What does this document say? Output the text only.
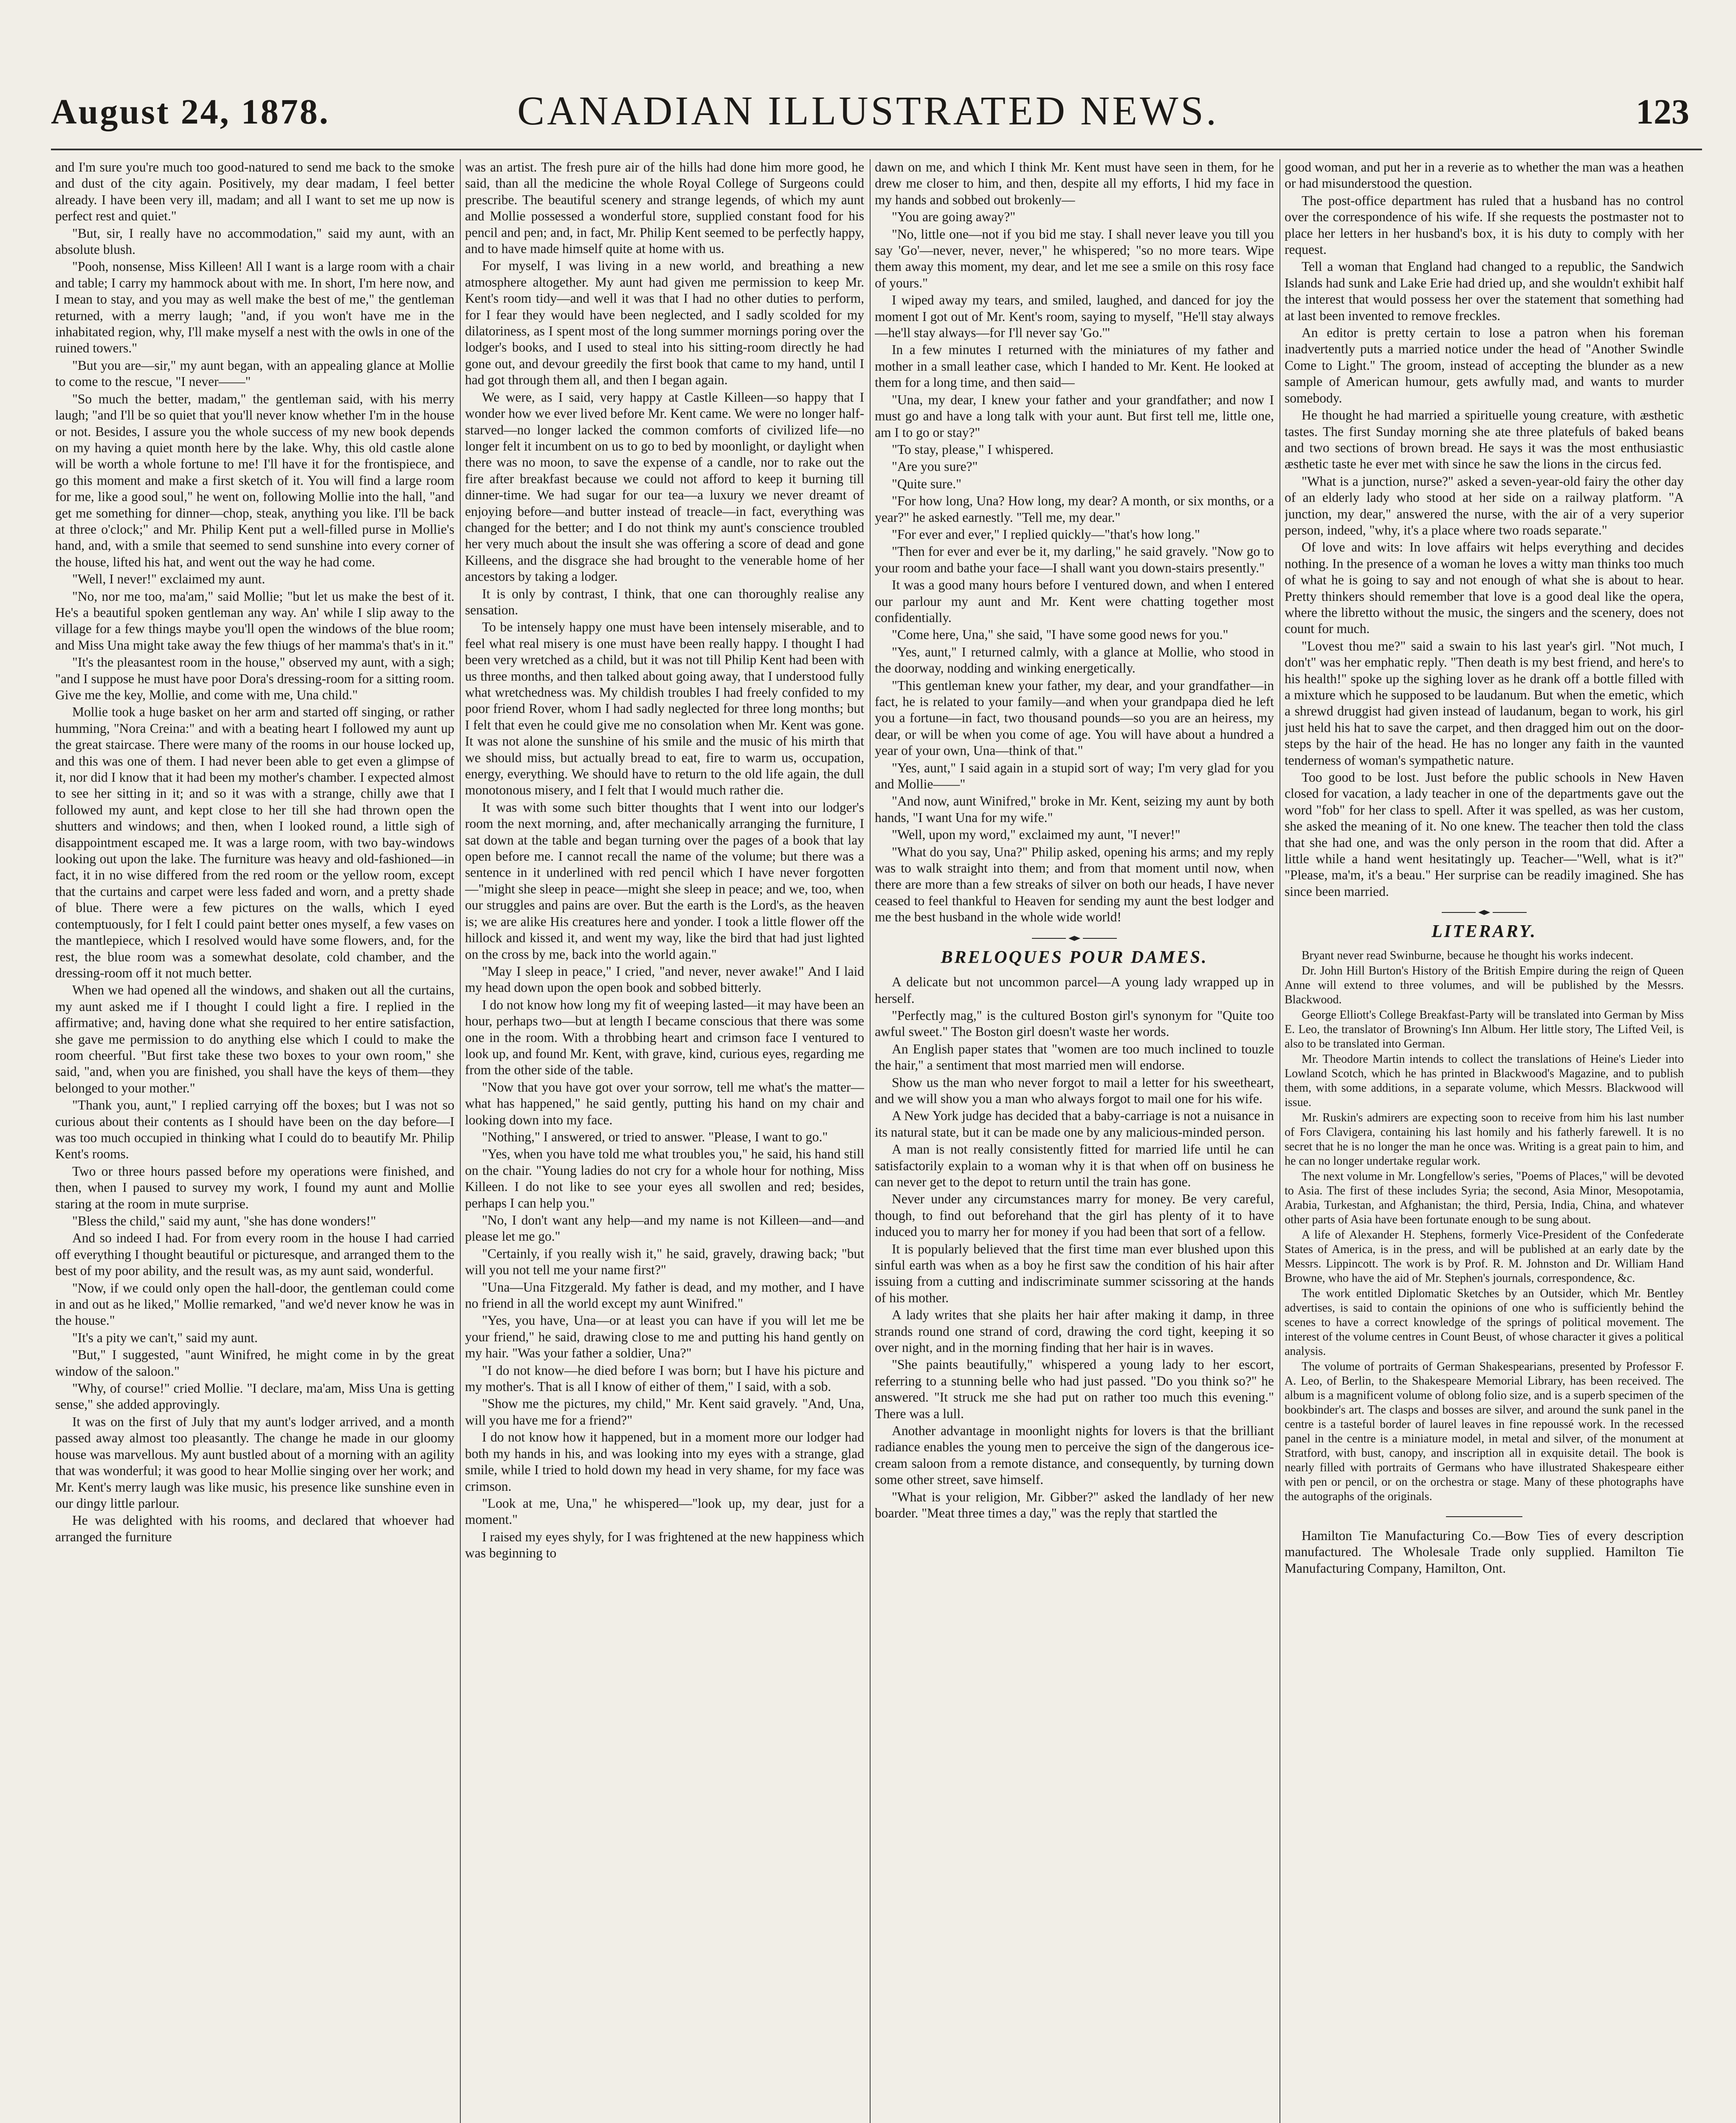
August 24, 1878.	CANADIAN ILLUSTRATED NEWS.	123

and I'm sure you're much too good-natured to send me back to the smoke and dust of the city again. Positively, my dear madam, I feel better already. I have been very ill, madam; and all I want to set me up now is perfect rest and quiet."

"But, sir, I really have no accommodation," said my aunt, with an absolute blush.

"Pooh, nonsense, Miss Killeen! All I want is a large room with a chair and table; I carry my hammock about with me. In short, I'm here now, and I mean to stay, and you may as well make the best of me," the gentleman returned, with a merry laugh; "and, if you won't have me in the inhabitated region, why, I'll make myself a nest with the owls in one of the ruined towers."

"But you are—sir," my aunt began, with an appealing glance at Mollie to come to the rescue, "I never——"

"So much the better, madam," the gentleman said, with his merry laugh; "and I'll be so quiet that you'll never know whether I'm in the house or not. Besides, I assure you the whole success of my new book depends on my having a quiet month here by the lake. Why, this old castle alone will be worth a whole fortune to me! I'll have it for the frontispiece, and go this moment and make a first sketch of it. You will find a large room for me, like a good soul," he went on, following Mollie into the hall, "and get me something for dinner—chop, steak, anything you like. I'll be back at three o'clock;" and Mr. Philip Kent put a well-filled purse in Mollie's hand, and, with a smile that seemed to send sunshine into every corner of the house, lifted his hat, and went out the way he had come.

"Well, I never!" exclaimed my aunt.

"No, nor me too, ma'am," said Mollie; "but let us make the best of it. He's a beautiful spoken gentleman any way. An' while I slip away to the village for a few things maybe you'll open the windows of the blue room; and Miss Una might take away the few thiugs of her mamma's that's in it."

"It's the pleasantest room in the house," observed my aunt, with a sigh; "and I suppose he must have poor Dora's dressing-room for a sitting room. Give me the key, Mollie, and come with me, Una child."

Mollie took a huge basket on her arm and started off singing, or rather humming, "Nora Creina:" and with a beating heart I followed my aunt up the great staircase. There were many of the rooms in our house locked up, and this was one of them. I had never been able to get even a glimpse of it, nor did I know that it had been my mother's chamber. I expected almost to see her sitting in it; and so it was with a strange, chilly awe that I followed my aunt, and kept close to her till she had thrown open the shutters and windows; and then, when I looked round, a little sigh of disappointment escaped me. It was a large room, with two bay-windows looking out upon the lake. The furniture was heavy and old-fashioned—in fact, it in no wise differed from the red room or the yellow room, except that the curtains and carpet were less faded and worn, and a pretty shade of blue. There were a few pictures on the walls, which I eyed contemptuously, for I felt I could paint better ones myself, a few vases on the mantlepiece, which I resolved would have some flowers, and, for the rest, the blue room was a somewhat desolate, cold chamber, and the dressing-room off it not much better.

When we had opened all the windows, and shaken out all the curtains, my aunt asked me if I thought I could light a fire. I replied in the affirmative; and, having done what she required to her entire satisfaction, she gave me permission to do anything else which I could to make the room cheerful. "But first take these two boxes to your own room," she said, "and, when you are finished, you shall have the keys of them—they belonged to your mother."

"Thank you, aunt," I replied carrying off the boxes; but I was not so curious about their contents as I should have been on the day before—I was too much occupied in thinking what I could do to beautify Mr. Philip Kent's rooms.

Two or three hours passed before my operations were finished, and then, when I paused to survey my work, I found my aunt and Mollie staring at the room in mute surprise.

"Bless the child," said my aunt, "she has done wonders!"

And so indeed I had. For from every room in the house I had carried off everything I thought beautiful or picturesque, and arranged them to the best of my poor ability, and the result was, as my aunt said, wonderful.

"Now, if we could only open the hall-door, the gentleman could come in and out as he liked," Mollie remarked, "and we'd never know he was in the house."

"It's a pity we can't," said my aunt.

"But," I suggested, "aunt Winifred, he might come in by the great window of the saloon."

"Why, of course!" cried Mollie. "I declare, ma'am, Miss Una is getting sense," she added approvingly.

It was on the first of July that my aunt's lodger arrived, and a month passed away almost too pleasantly. The change he made in our gloomy house was marvellous. My aunt bustled about of a morning with an agility that was wonderful; it was good to hear Mollie singing over her work; and Mr. Kent's merry laugh was like music, his presence like sunshine even in our dingy little parlour.

He was delighted with his rooms, and declared that whoever had arranged the furniture

was an artist. The fresh pure air of the hills had done him more good, he said, than all the medicine the whole Royal College of Surgeons could prescribe. The beautiful scenery and strange legends, of which my aunt and Mollie possessed a wonderful store, supplied constant food for his pencil and pen; and, in fact, Mr. Philip Kent seemed to be perfectly happy, and to have made himself quite at home with us.

For myself, I was living in a new world, and breathing a new atmosphere altogether. My aunt had given me permission to keep Mr. Kent's room tidy—and well it was that I had no other duties to perform, for I fear they would have been neglected, and I sadly scolded for my dilatoriness, as I spent most of the long summer mornings poring over the lodger's books, and I used to steal into his sitting-room directly he had gone out, and devour greedily the first book that came to my hand, until I had got through them all, and then I began again.

We were, as I said, very happy at Castle Killeen—so happy that I wonder how we ever lived before Mr. Kent came. We were no longer half-starved—no longer lacked the common comforts of civilized life—no longer felt it incumbent on us to go to bed by moonlight, or daylight when there was no moon, to save the expense of a candle, nor to rake out the fire after breakfast because we could not afford to keep it burning till dinner-time. We had sugar for our tea—a luxury we never dreamt of enjoying before—and butter instead of treacle—in fact, everything was changed for the better; and I do not think my aunt's conscience troubled her very much about the insult she was offering a score of dead and gone Killeens, and the disgrace she had brought to the venerable home of her ancestors by taking a lodger.

It is only by contrast, I think, that one can thoroughly realise any sensation.

To be intensely happy one must have been intensely miserable, and to feel what real misery is one must have been really happy. I thought I had been very wretched as a child, but it was not till Philip Kent had been with us three months, and then talked about going away, that I understood fully what wretchedness was. My childish troubles I had freely confided to my poor friend Rover, whom I had sadly neglected for three long months; but I felt that even he could give me no consolation when Mr. Kent was gone. It was not alone the sunshine of his smile and the music of his mirth that we should miss, but actually bread to eat, fire to warm us, occupation, energy, everything. We should have to return to the old life again, the dull monotonous misery, and I felt that I would much rather die.

It was with some such bitter thoughts that I went into our lodger's room the next morning, and, after mechanically arranging the furniture, I sat down at the table and began turning over the pages of a book that lay open before me. I cannot recall the name of the volume; but there was a sentence in it underlined with red pencil which I have never forgotten—"might she sleep in peace—might she sleep in peace; and we, too, when our struggles and pains are over. But the earth is the Lord's, as the heaven is; we are alike His creatures here and yonder. I took a little flower off the hillock and kissed it, and went my way, like the bird that had just lighted on the cross by me, back into the world again."

"May I sleep in peace," I cried, "and never, never awake!" And I laid my head down upon the open book and sobbed bitterly.

I do not know how long my fit of weeping lasted—it may have been an hour, perhaps two—but at length I became conscious that there was some one in the room. With a throbbing heart and crimson face I ventured to look up, and found Mr. Kent, with grave, kind, curious eyes, regarding me from the other side of the table.

"Now that you have got over your sorrow, tell me what's the matter—what has happened," he said gently, putting his hand on my chair and looking down into my face.

"Nothing," I answered, or tried to answer. "Please, I want to go."

"Yes, when you have told me what troubles you," he said, his hand still on the chair. "Young ladies do not cry for a whole hour for nothing, Miss Killeen. I do not like to see your eyes all swollen and red; besides, perhaps I can help you."

"No, I don't want any help—and my name is not Killeen—and—and please let me go."

"Certainly, if you really wish it," he said, gravely, drawing back; "but will you not tell me your name first?"

"Una—Una Fitzgerald. My father is dead, and my mother, and I have no friend in all the world except my aunt Winifred."

"Yes, you have, Una—or at least you can have if you will let me be your friend," he said, drawing close to me and putting his hand gently on my hair. "Was your father a soldier, Una?"

"I do not know—he died before I was born; but I have his picture and my mother's. That is all I know of either of them," I said, with a sob.

"Show me the pictures, my child," Mr. Kent said gravely. "And, Una, will you have me for a friend?"

I do not know how it happened, but in a moment more our lodger had both my hands in his, and was looking into my eyes with a strange, glad smile, while I tried to hold down my head in very shame, for my face was crimson.

"Look at me, Una," he whispered—"look up, my dear, just for a moment."

I raised my eyes shyly, for I was frightened at the new happiness which was beginning to

dawn on me, and which I think Mr. Kent must have seen in them, for he drew me closer to him, and then, despite all my efforts, I hid my face in my hands and sobbed out brokenly—

"You are going away?"

"No, little one—not if you bid me stay. I shall never leave you till you say 'Go'—never, never, never," he whispered; "so no more tears. Wipe them away this moment, my dear, and let me see a smile on this rosy face of yours."

I wiped away my tears, and smiled, laughed, and danced for joy the moment I got out of Mr. Kent's room, saying to myself, "He'll stay always—he'll stay always—for I'll never say 'Go.'"

In a few minutes I returned with the miniatures of my father and mother in a small leather case, which I handed to Mr. Kent. He looked at them for a long time, and then said—

"Una, my dear, I knew your father and your grandfather; and now I must go and have a long talk with your aunt. But first tell me, little one, am I to go or stay?"

"To stay, please," I whispered.

"Are you sure?"

"Quite sure."

"For how long, Una? How long, my dear? A month, or six months, or a year?" he asked earnestly. "Tell me, my dear."

"For ever and ever," I replied quickly—"that's how long."

"Then for ever and ever be it, my darling," he said gravely. "Now go to your room and bathe your face—I shall want you down-stairs presently."

It was a good many hours before I ventured down, and when I entered our parlour my aunt and Mr. Kent were chatting together most confidentially.

"Come here, Una," she said, "I have some good news for you."

"Yes, aunt," I returned calmly, with a glance at Mollie, who stood in the doorway, nodding and winking energetically.

"This gentleman knew your father, my dear, and your grandfather—in fact, he is related to your family—and when your grandpapa died he left you a fortune—in fact, two thousand pounds—so you are an heiress, my dear, or will be when you come of age. You will have about a hundred a year of your own, Una—think of that."

"Yes, aunt," I said again in a stupid sort of way; I'm very glad for you and Mollie——"

"And now, aunt Winifred," broke in Mr. Kent, seizing my aunt by both hands, "I want Una for my wife."

"Well, upon my word," exclaimed my aunt, "I never!"

"What do you say, Una?" Philip asked, opening his arms; and my reply was to walk straight into them; and from that moment until now, when there are more than a few streaks of silver on both our heads, I have never ceased to feel thankful to Heaven for sending my aunt the best lodger and me the best husband in the whole wide world!

BRELOQUES POUR DAMES.

A delicate but not uncommon parcel—A young lady wrapped up in herself.

"Perfectly mag," is the cultured Boston girl's synonym for "Quite too awful sweet." The Boston girl doesn't waste her words.

An English paper states that "women are too much inclined to touzle the hair," a sentiment that most married men will endorse.

Show us the man who never forgot to mail a letter for his sweetheart, and we will show you a man who always forgot to mail one for his wife.

A New York judge has decided that a baby-carriage is not a nuisance in its natural state, but it can be made one by any malicious-minded person.

A man is not really consistently fitted for married life until he can satisfactorily explain to a woman why it is that when off on business he can never get to the depot to return until the train has gone.

Never under any circumstances marry for money. Be very careful, though, to find out beforehand that the girl has plenty of it to have induced you to marry her for money if you had been that sort of a fellow.

It is popularly believed that the first time man ever blushed upon this sinful earth was when as a boy he first saw the condition of his hair after issuing from a cutting and indiscriminate summer scissoring at the hands of his mother.

A lady writes that she plaits her hair after making it damp, in three strands round one strand of cord, drawing the cord tight, keeping it so over night, and in the morning finding that her hair is in waves.

"She paints beautifully," whispered a young lady to her escort, referring to a stunning belle who had just passed. "Do you think so?" he answered. "It struck me she had put on rather too much this evening." There was a lull.

Another advantage in moonlight nights for lovers is that the brilliant radiance enables the young men to perceive the sign of the dangerous ice-cream saloon from a remote distance, and consequently, by turning down some other street, save himself.

"What is your religion, Mr. Gibber?" asked the landlady of her new boarder. "Meat three times a day," was the reply that startled the

good woman, and put her in a reverie as to whether the man was a heathen or had misunderstood the question.

The post-office department has ruled that a husband has no control over the correspondence of his wife. If she requests the postmaster not to place her letters in her husband's box, it is his duty to comply with her request.

Tell a woman that England had changed to a republic, the Sandwich Islands had sunk and Lake Erie had dried up, and she wouldn't exhibit half the interest that would possess her over the statement that something had at last been invented to remove freckles.

An editor is pretty certain to lose a patron when his foreman inadvertently puts a married notice under the head of "Another Swindle Come to Light." The groom, instead of accepting the blunder as a new sample of American humour, gets awfully mad, and wants to murder somebody.

He thought he had married a spirituelle young creature, with æsthetic tastes. The first Sunday morning she ate three platefuls of baked beans and two sections of brown bread. He says it was the most enthusiastic æsthetic taste he ever met with since he saw the lions in the circus fed.

"What is a junction, nurse?" asked a seven-year-old fairy the other day of an elderly lady who stood at her side on a railway platform. "A junction, my dear," answered the nurse, with the air of a very superior person, indeed, "why, it's a place where two roads separate."

Of love and wits: In love affairs wit helps everything and decides nothing. In the presence of a woman he loves a witty man thinks too much of what he is going to say and not enough of what she is about to hear. Pretty thinkers should remember that love is a good deal like the opera, where the libretto without the music, the singers and the scenery, does not count for much.

"Lovest thou me?" said a swain to his last year's girl. "Not much, I don't" was her emphatic reply. "Then death is my best friend, and here's to his health!" spoke up the sighing lover as he drank off a bottle filled with a mixture which he supposed to be laudanum. But when the emetic, which a shrewd druggist had given instead of laudanum, began to work, his girl just held his hat to save the carpet, and then dragged him out on the door-steps by the hair of the head. He has no longer any faith in the vaunted tenderness of woman's sympathetic nature.

Too good to be lost. Just before the public schools in New Haven closed for vacation, a lady teacher in one of the departments gave out the word "fob" for her class to spell. After it was spelled, as was her custom, she asked the meaning of it. No one knew. The teacher then told the class that she had one, and was the only person in the room that did. After a little while a hand went hesitatingly up. Teacher—"Well, what is it?" "Please, ma'm, it's a beau." Her surprise can be readily imagined. She has since been married.

LITERARY.

Bryant never read Swinburne, because he thought his works indecent.

Dr. John Hill Burton's History of the British Empire during the reign of Queen Anne will extend to three volumes, and will be published by the Messrs. Blackwood.

George Elliott's College Breakfast-Party will be translated into German by Miss E. Leo, the translator of Browning's Inn Album. Her little story, The Lifted Veil, is also to be translated into German.

Mr. Theodore Martin intends to collect the translations of Heine's Lieder into Lowland Scotch, which he has printed in Blackwood's Magazine, and to publish them, with some additions, in a separate volume, which Messrs. Blackwood will issue.

Mr. Ruskin's admirers are expecting soon to receive from him his last number of Fors Clavigera, containing his last homily and his fatherly farewell. It is no secret that he is no longer the man he once was. Writing is a great pain to him, and he can no longer undertake regular work.

The next volume in Mr. Longfellow's series, "Poems of Places," will be devoted to Asia. The first of these includes Syria; the second, Asia Minor, Mesopotamia, Arabia, Turkestan, and Afghanistan; the third, Persia, India, China, and whatever other parts of Asia have been fortunate enough to be sung about.

A life of Alexander H. Stephens, formerly Vice-President of the Confederate States of America, is in the press, and will be published at an early date by the Messrs. Lippincott. The work is by Prof. R. M. Johnston and Dr. William Hand Browne, who have the aid of Mr. Stephen's journals, correspondence, &c.

The work entitled Diplomatic Sketches by an Outsider, which Mr. Bentley advertises, is said to contain the opinions of one who is sufficiently behind the scenes to have a correct knowledge of the springs of political movement. The interest of the volume centres in Count Beust, of whose character it gives a political analysis.

The volume of portraits of German Shakespearians, presented by Professor F. A. Leo, of Berlin, to the Shakespeare Memorial Library, has been received. The album is a magnificent volume of oblong folio size, and is a superb specimen of the bookbinder's art. The clasps and bosses are silver, and around the sunk panel in the centre is a tasteful border of laurel leaves in fine repoussé work. In the recessed panel in the centre is a miniature model, in metal and silver, of the monument at Stratford, with bust, canopy, and inscription all in exquisite detail. The book is nearly filled with portraits of Germans who have illustrated Shakespeare either with pen or pencil, or on the orchestra or stage. Many of these photographs have the autographs of the originals.

Hamilton Tie Manufacturing Co.—Bow Ties of every description manufactured. The Wholesale Trade only supplied. Hamilton Tie Manufacturing Company, Hamilton, Ont.
